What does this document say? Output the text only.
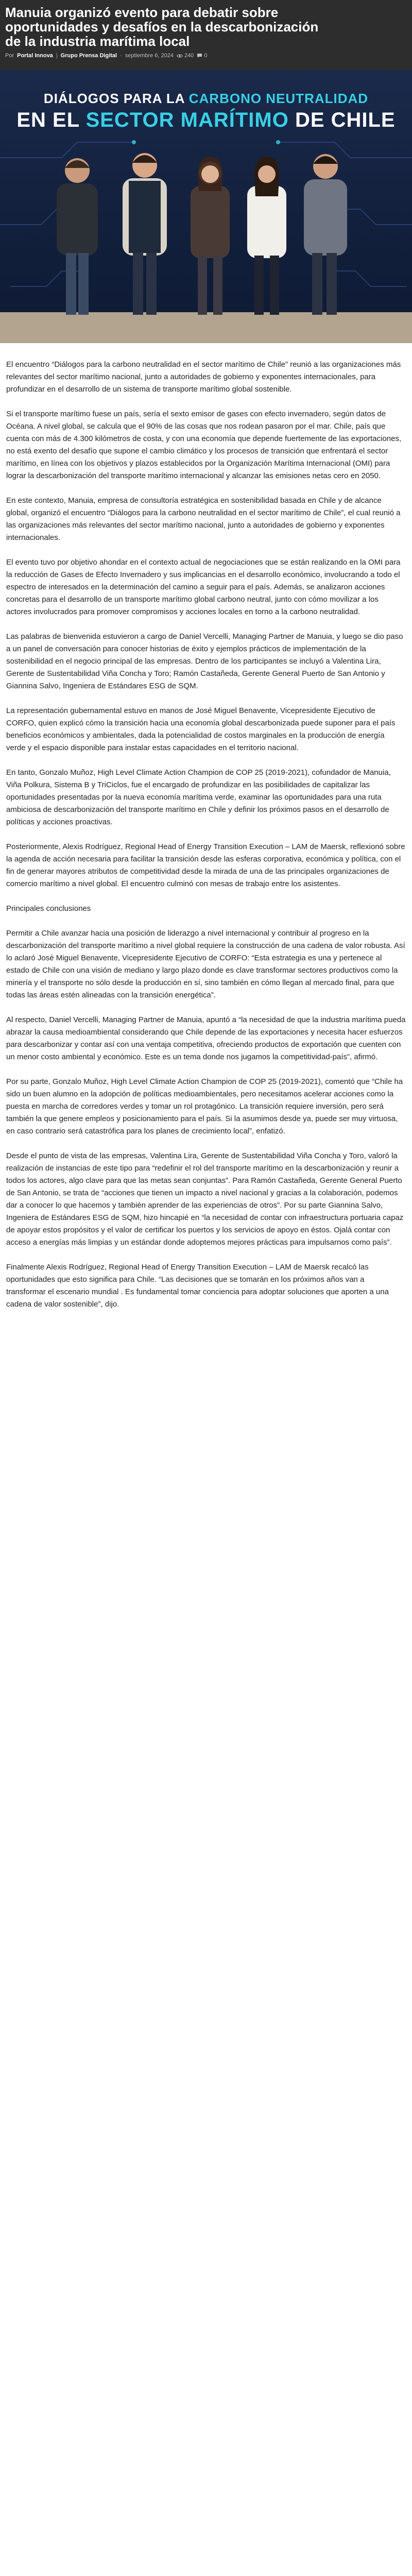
Manuia organizó evento para debatir sobre oportunidades y desafíos en la descarbonización de la industria marítima local
Por Portal Innova | Grupo Prensa Digital - septiembre 6, 2024 240 0
DIÁLOGOS PARA LA CARBONO NEUTRALIDAD
EN EL SECTOR MARÍTIMO DE CHILE

El encuentro “Diálogos para la carbono neutralidad en el sector marítimo de Chile” reunió a las organizaciones más relevantes del sector marítimo nacional, junto a autoridades de gobierno y exponentes internacionales, para profundizar en el desarrollo de un sistema de transporte marítimo global sostenible.

Si el transporte marítimo fuese un país, sería el sexto emisor de gases con efecto invernadero, según datos de Océana. A nivel global, se calcula que el 90% de las cosas que nos rodean pasaron por el mar. Chile, país que cuenta con más de 4.300 kilómetros de costa, y con una economía que depende fuertemente de las exportaciones, no está exento del desafío que supone el cambio climático y los procesos de transición que enfrentará el sector marítimo, en línea con los objetivos y plazos establecidos por la Organización Marítima Internacional (OMI) para lograr la descarbonización del transporte marítimo internacional y alcanzar las emisiones netas cero en 2050.

En este contexto, Manuia, empresa de consultoría estratégica en sostenibilidad basada en Chile y de alcance global, organizó el encuentro “Diálogos para la carbono neutralidad en el sector marítimo de Chile”, el cual reunió a las organizaciones más relevantes del sector marítimo nacional, junto a autoridades de gobierno y exponentes internacionales.

El evento tuvo por objetivo ahondar en el contexto actual de negociaciones que se están realizando en la OMI para la reducción de Gases de Efecto Invernadero y sus implicancias en el desarrollo económico, involucrando a todo el espectro de interesados en la determinación del camino a seguir para el país. Además, se analizaron acciones concretas para el desarrollo de un transporte marítimo global carbono neutral, junto con cómo movilizar a los actores involucrados para promover compromisos y acciones locales en torno a la carbono neutralidad.

Las palabras de bienvenida estuvieron a cargo de Daniel Vercelli, Managing Partner de Manuia, y luego se dio paso a un panel de conversación para conocer historias de éxito y ejemplos prácticos de implementación de la sostenibilidad en el negocio principal de las empresas. Dentro de los participantes se incluyó a Valentina Lira, Gerente de Sustentabilidad Viña Concha y Toro; Ramón Castañeda, Gerente General Puerto de San Antonio y Giannina Salvo, Ingeniera de Estándares ESG de SQM.

La representación gubernamental estuvo en manos de José Miguel Benavente, Vicepresidente Ejecutivo de CORFO, quien explicó cómo la transición hacia una economía global descarbonizada puede suponer para el país beneficios económicos y ambientales, dada la potencialidad de costos marginales en la producción de energía verde y el espacio disponible para instalar estas capacidades en el territorio nacional.

En tanto, Gonzalo Muñoz, High Level Climate Action Champion de COP 25 (2019-2021), cofundador de Manuia, Viña Polkura, Sistema B y TriCiclos, fue el encargado de profundizar en las posibilidades de capitalizar las oportunidades presentadas por la nueva economía marítima verde, examinar las oportunidades para una ruta ambiciosa de descarbonización del transporte marítimo en Chile y definir los próximos pasos en el desarrollo de políticas y acciones proactivas.

Posteriormente, Alexis Rodríguez, Regional Head of Energy Transition Execution – LAM de Maersk, reflexionó sobre la agenda de acción necesaria para facilitar la transición desde las esferas corporativa, económica y política, con el fin de generar mayores atributos de competitividad desde la mirada de una de las principales organizaciones de comercio marítimo a nivel global. El encuentro culminó con mesas de trabajo entre los asistentes.

Principales conclusiones

Permitir a Chile avanzar hacia una posición de liderazgo a nivel internacional y contribuir al progreso en la descarbonización del transporte marítimo a nivel global requiere la construcción de una cadena de valor robusta. Así lo aclaró José Miguel Benavente, Vicepresidente Ejecutivo de CORFO: “Esta estrategia es una y pertenece al estado de Chile con una visión de mediano y largo plazo donde es clave transformar sectores productivos como la minería y el transporte no sólo desde la producción en sí, sino también en cómo llegan al mercado final, para que todas las áreas estén alineadas con la transición energética”.

Al respecto, Daniel Vercelli, Managing Partner de Manuia, apuntó a “la necesidad de que la industria marítima pueda abrazar la causa medioambiental considerando que Chile depende de las exportaciones y necesita hacer esfuerzos para descarbonizar y contar así con una ventaja competitiva, ofreciendo productos de exportación que cuenten con un menor costo ambiental y económico. Este es un tema donde nos jugamos la competitividad-país”, afirmó.

Por su parte, Gonzalo Muñoz, High Level Climate Action Champion de COP 25 (2019-2021), comentó que “Chile ha sido un buen alumno en la adopción de políticas medioambientales, pero necesitamos acelerar acciones como la puesta en marcha de corredores verdes y tomar un rol protagónico. La transición requiere inversión, pero será también la que genere empleos y posicionamiento para el país. Si la asumimos desde ya, puede ser muy virtuosa, en caso contrario será catastrófica para los planes de crecimiento local”, enfatizó.

Desde el punto de vista de las empresas, Valentina Lira, Gerente de Sustentabilidad Viña Concha y Toro, valoró la realización de instancias de este tipo para “redefinir el rol del transporte marítimo en la descarbonización y reunir a todos los actores, algo clave para que las metas sean conjuntas”. Para Ramón Castañeda, Gerente General Puerto de San Antonio, se trata de “acciones que tienen un impacto a nivel nacional y gracias a la colaboración, podemos dar a conocer lo que hacemos y también aprender de las experiencias de otros”. Por su parte Giannina Salvo, Ingeniera de Estándares ESG de SQM, hizo hincapié en “la necesidad de contar con infraestructura portuaria capaz de apoyar estos propósitos y el valor de certificar los puertos y los servicios de apoyo en éstos. Ojalá contar con acceso a energías más limpias y un estándar donde adoptemos mejores prácticas para impulsarnos como país”.

Finalmente Alexis Rodríguez, Regional Head of Energy Transition Execution – LAM de Maersk recalcó las oportunidades que esto significa para Chile. “Las decisiones que se tomarán en los próximos años van a transformar el escenario mundial . Es fundamental tomar conciencia para adoptar soluciones que aporten a una cadena de valor sostenible”, dijo.
